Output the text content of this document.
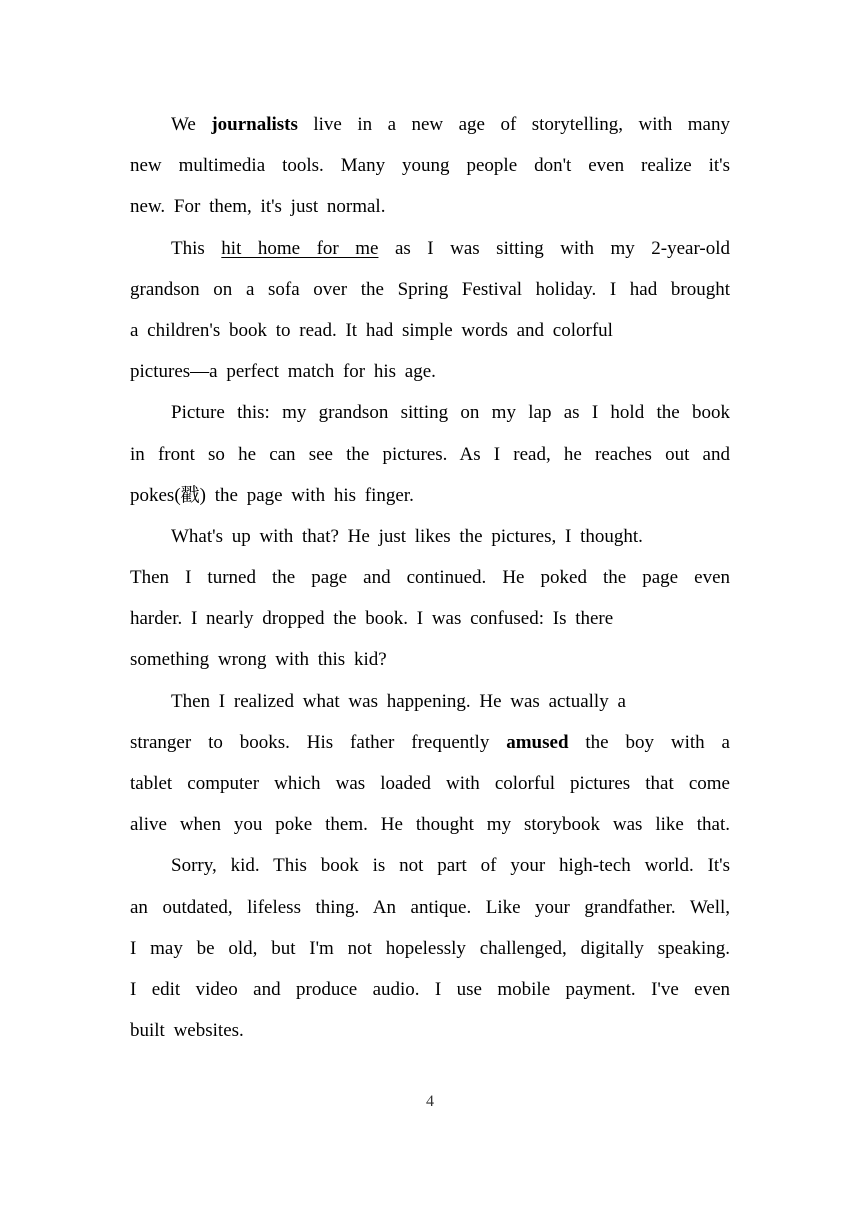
We journalists live in a new age of storytelling, with many
new multimedia tools. Many young people don't even realize it's
new. For them, it's just normal.
This hit home for me as I was sitting with my 2-year-old
grandson on a sofa over the Spring Festival holiday. I had brought
a children's book to read. It had simple words and colorful
pictures—a perfect match for his age.
Picture this: my grandson sitting on my lap as I hold the book
in front so he can see the pictures. As I read, he reaches out and
pokes(戳) the page with his finger.
What's up with that? He just likes the pictures, I thought.
Then I turned the page and continued. He poked the page even
harder. I nearly dropped the book. I was confused: Is there
something wrong with this kid?
Then I realized what was happening. He was actually a
stranger to books. His father frequently amused the boy with a
tablet computer which was loaded with colorful pictures that come
alive when you poke them. He thought my storybook was like that.
Sorry, kid. This book is not part of your high-tech world. It's
an outdated, lifeless thing. An antique. Like your grandfather. Well,
I may be old, but I'm not hopelessly challenged, digitally speaking.
I edit video and produce audio. I use mobile payment. I've even
built websites.
4
